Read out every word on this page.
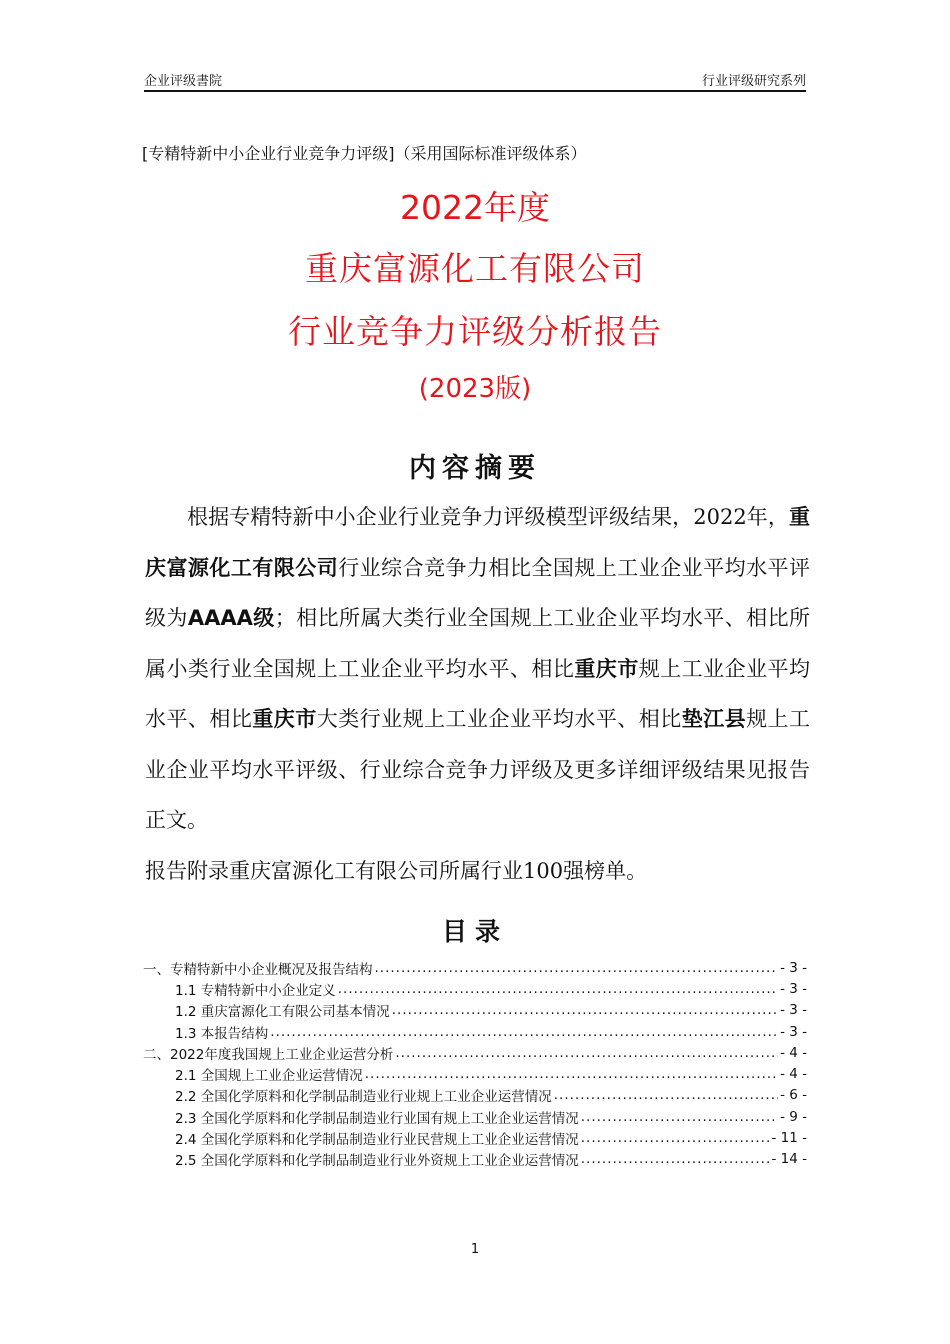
企业评级書院	行业评级研究系列
[专精特新中小企业行业竞争力评级]（采用国际标准评级体系）
2022年度
重庆富源化工有限公司
行业竞争力评级分析报告
(2023版)
内容摘要

根据专精特新中小企业行业竞争力评级模型评级结果，2022年，重庆富源化工有限公司行业综合竞争力相比全国规上工业企业平均水平评级为AAAA级；相比所属大类行业全国规上工业企业平均水平、相比所属小类行业全国规上工业企业平均水平、相比重庆市规上工业企业平均水平、相比重庆市大类行业规上工业企业平均水平、相比垫江县规上工业企业平均水平评级、行业综合竞争力评级及更多详细评级结果见报告正文。

报告附录重庆富源化工有限公司所属行业100强榜单。

目录
一、专精特新中小企业概况及报告结构 .....	- 3 -
1.1 专精特新中小企业定义 .....	- 3 -
1.2 重庆富源化工有限公司基本情况 .....	- 3 -
1.3 本报告结构 .....	- 3 -
二、2022年度我国规上工业企业运营分析 .....	- 4 -
2.1 全国规上工业企业运营情况 .....	- 4 -
2.2 全国化学原料和化学制品制造业行业规上工业企业运营情况 .....	- 6 -
2.3 全国化学原料和化学制品制造业行业国有规上工业企业运营情况 .....	- 9 -
2.4 全国化学原料和化学制品制造业行业民营规上工业企业运营情况 .....	- 11 -
2.5 全国化学原料和化学制品制造业行业外资规上工业企业运营情况 .....	- 14 -
1
